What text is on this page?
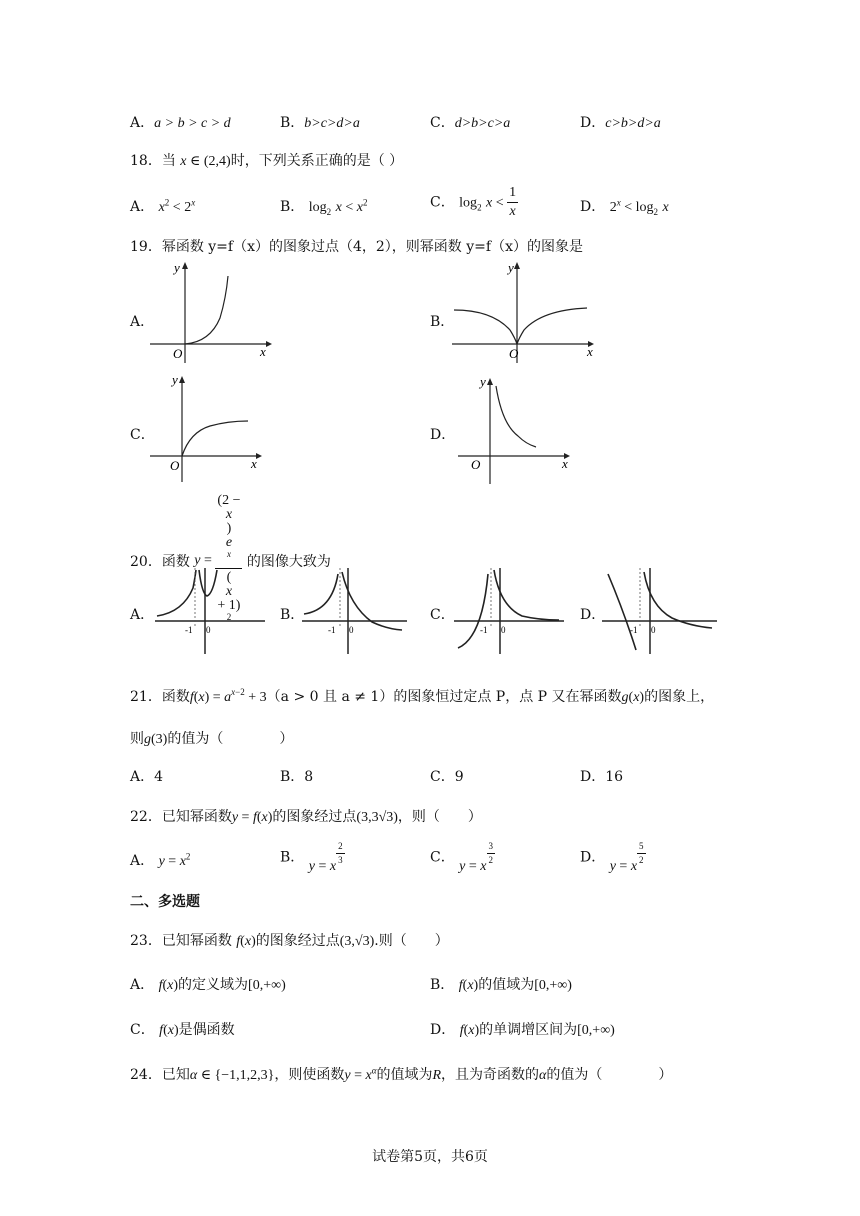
A．a > b > c > d	B．b>c>d>a	C．d>b>c>a	D．c>b>d>a
18．当 x ∈ (2,4)时，下列关系正确的是（ ）
A． $x^2 < 2^x$	B． $\log_2 x < x^2$	C． $\log_2 x < \frac{1}{x}$	D． $2^x < \log_2 x$
19．幂函数 y=f（x）的图象过点（4，2），则幂函数 y=f（x）的图象是
A．
O	x
y
B．
O	x
y
C．
O	x
y
D．
O	x
y
20．函数 y = (2 −
x
)
e
$^x$
(
x
+ 1)
$^2$ 的图像大致为
A．
-1 0
B．
-1 0
C．
-1 0
D．
-1 0
21．函数$f(x) = a^{x-2} + 3(a > 0$ 且 a ≠ 1）的图象恒过定点 P，点 P 又在幂函数g(x)的图象上，
则g(3)的值为（　　　　）
A．4	B．8	C．9	D．16
22．已知幂函数y = f(x)的图象经过点(3,3√3)，则（　　）
A． $y = x^2$	B． y = x
$\frac{2}{3}$	C． y = x
$\frac{3}{2}$	D． y = x
$\frac{5}{2}$
二、多选题
23．已知幂函数 f(x)的图象经过点(3,√3).则（　　）
A． f(x)的定义域为[0,+∞)	B． f(x)的值域为[0,+∞)
C． f(x)是偶函数	D． f(x)的单调增区间为[0,+∞)
24．已知α ∈ {−1,1,2,3}，则使函数$y = x^\alpha$的值域为R，且为奇函数的α的值为（　　　　）
试卷第5页，共6页
